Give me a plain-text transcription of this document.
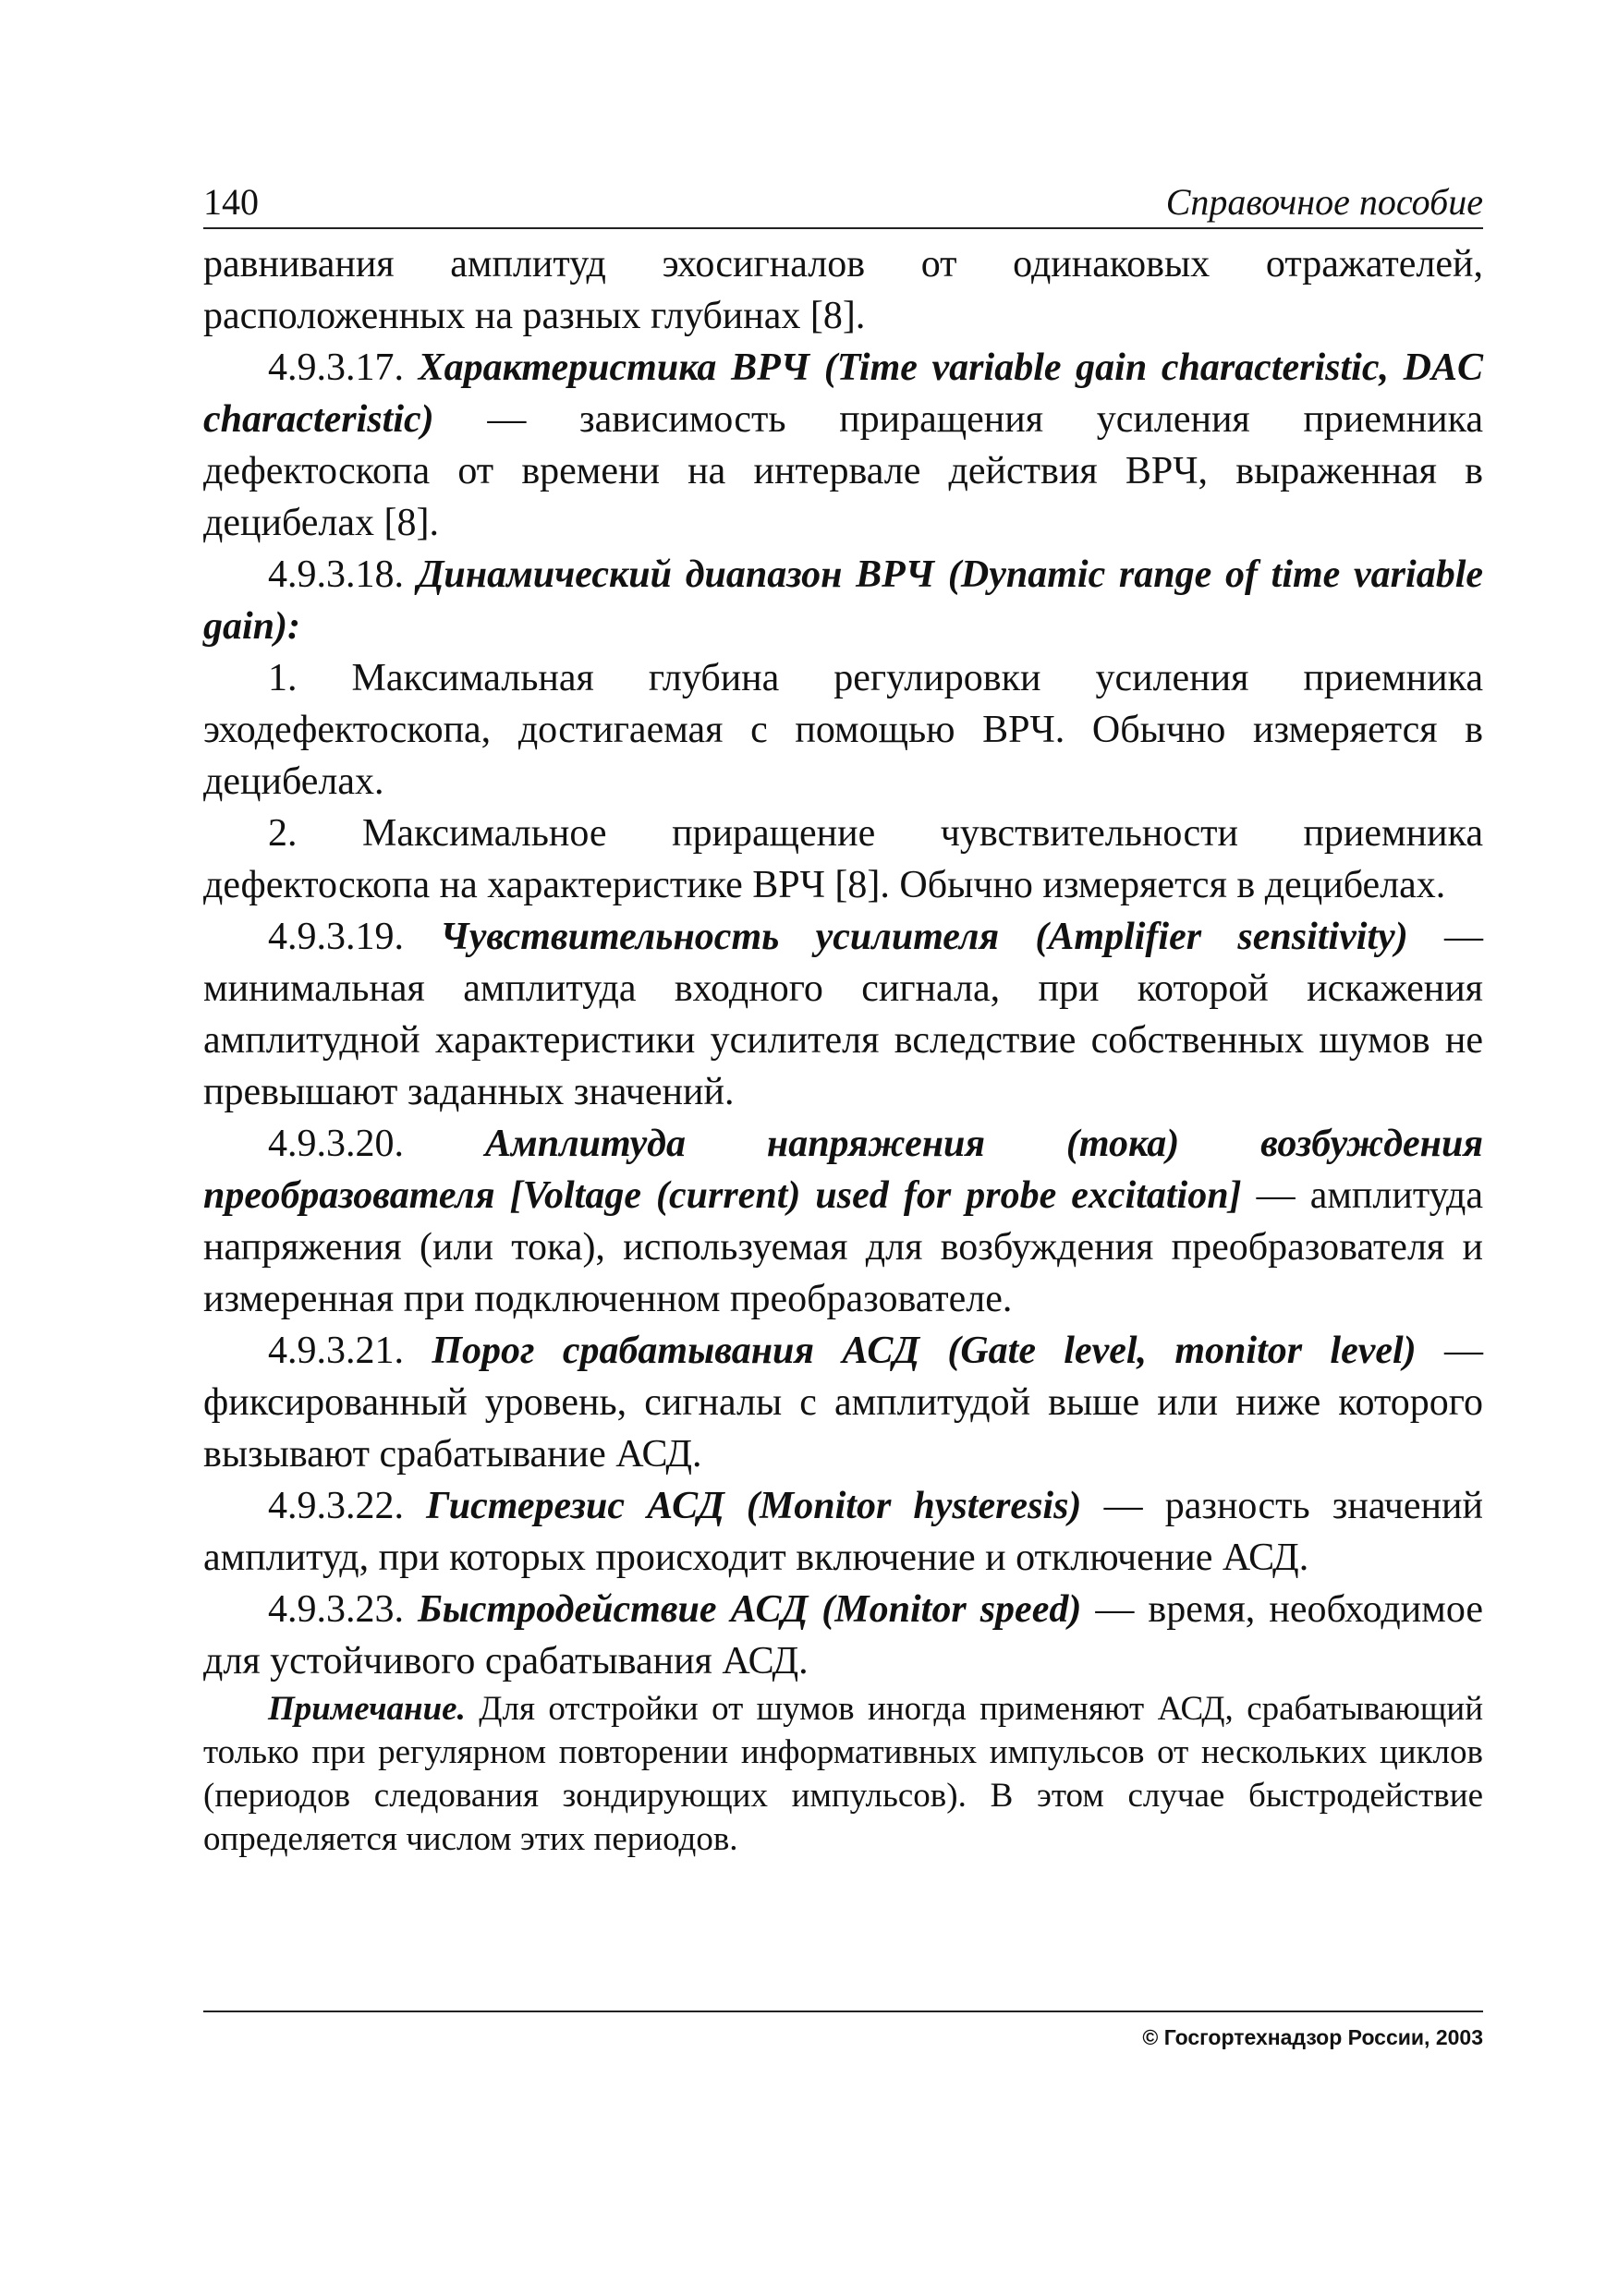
140	Справочное пособие

равнивания амплитуд эхосигналов от одинаковых отражателей, расположенных на разных глубинах [8].

4.9.3.17. Характеристика ВРЧ (Time variable gain characteristic, DAC characteristic) — зависимость приращения усиления приемника дефектоскопа от времени на интервале действия ВРЧ, выраженная в децибелах [8].

4.9.3.18. Динамический диапазон ВРЧ (Dynamic range of time variable gain):

1. Максимальная глубина регулировки усиления приемника эходефектоскопа, достигаемая с помощью ВРЧ. Обычно измеряется в децибелах.

2. Максимальное приращение чувствительности приемника дефектоскопа на характеристике ВРЧ [8]. Обычно измеряется в децибелах.

4.9.3.19. Чувствительность усилителя (Amplifier sensitivity) — минимальная амплитуда входного сигнала, при которой искажения амплитудной характеристики усилителя вследствие собственных шумов не превышают заданных значений.

4.9.3.20. Амплитуда напряжения (тока) возбуждения преобразователя [Voltage (current) used for probe excitation] — амплитуда напряжения (или тока), используемая для возбуждения преобразователя и измеренная при подключенном преобразователе.

4.9.3.21. Порог срабатывания АСД (Gate level, monitor level) — фиксированный уровень, сигналы с амплитудой выше или ниже которого вызывают срабатывание АСД.

4.9.3.22. Гистерезис АСД (Monitor hysteresis) — разность значений амплитуд, при которых происходит включение и отключение АСД.

4.9.3.23. Быстродействие АСД (Monitor speed) — время, необходимое для устойчивого срабатывания АСД.

Примечание. Для отстройки от шумов иногда применяют АСД, срабатывающий только при регулярном повторении информативных импульсов от нескольких циклов (периодов следования зондирующих импульсов). В этом случае быстродействие определяется числом этих периодов.

© Госгортехнадзор России, 2003
